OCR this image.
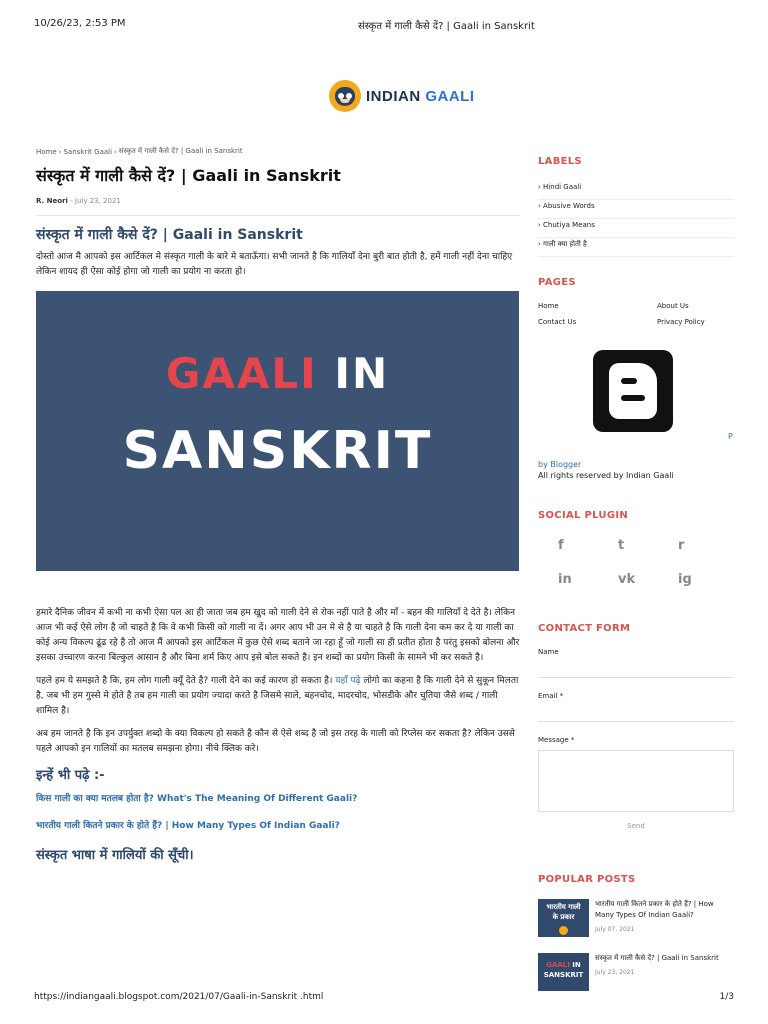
10/26/23, 2:53 PM	संस्कृत में गाली कैसे दें? | Gaali in Sanskrit
INDIAN GAALI
Home › Sanskrit Gaali › संस्कृत में गाली कैसे दें? | Gaali in Sanskrit
संस्कृत में गाली कैसे दें? | Gaali in Sanskrit
R. Neori - July 23, 2021
संस्कृत में गाली कैसे दें? | Gaali in Sanskrit

दोस्तो आज मै आपको इस आर्टिकल मे संस्कृत गाली के बारे मे बताऊँगा। सभी जानते है कि गालियाँ देना बुरी बात होती है, हमें गाली नहीं देना चाहिए लेकिन शायद ही ऐसा कोई होगा जो गाली का प्रयोग ना करता हो।

GAALI IN
SANSKRIT

हमारे दैनिक जीवन में कभी ना कभी ऐसा पल आ ही जाता जब हम खुद को गाली देने से रोक नहीं पाते है और माँ - बहन की गालियाँ दे देते है। लेकिन आज भी कई ऐसे लोग है जो चाहते है कि वे कभी किसी को गाली ना दें। अगर आप भी उन मे से है या चाहते है कि गाली देना कम कर दे या गाली का कोई अन्य विकल्प ढूंढ रहे है तो आज मैं आपको इस आर्टिकल में कुछ ऐसे शब्द बताने जा रहा हूँ जो गाली सा ही प्रतीत होता है परंतु इसको बोलना और इसका उच्चारण करना बिल्कुल आसान है और बिना शर्म किए आप इसे बोल सकते है। इन शब्दों का प्रयोग किसी के सामने भी कर सकते है।

पहले हम ये समझते है कि, हम लोग गाली क्यूँ देते है? गाली देने का कई कारण हो सकता है। यहाँ पढ़े लोगो का कहना है कि गाली देने से सुकून मिलता है, जब भी हम गुस्से मे होते है तब हम गाली का प्रयोग ज्यादा करते है जिसमे साले, बहनचोद, मादरचोद, भोसडीके और चुतिया जैसे शब्द / गाली शामिल है।

अब हम जानते है कि इन उपर्युक्त शब्दो के क्या विकल्प हो सकते है कौन से ऐसे शब्द है जो इस तरह के गाली को रिप्लेस कर सकता है? लेकिन उससे पहले आपको इन गालियों का मतलब समझना होगा। नीचे क्लिक करे।

इन्हें भी पढ़े :-
किस गाली का क्या मतलब होता है? What's The Meaning Of Different Gaali?
भारतीय गाली कितने प्रकार के होते हैं? | How Many Types Of Indian Gaali?
संस्कृत भाषा में गालियों की सूँची।
LABELS
› Hindi Gaali
› Abusive Words
› Chutiya Means
› गाली क्या होती है
PAGES
Home	About Us
Contact Us	Privacy Policy
P
by Blogger
All rights reserved by Indian Gaali
SOCIAL PLUGIN
f	t	r
in	vk	ig
CONTACT FORM
Name
Email *
Message *
Send
POPULAR POSTS
भारतीय गाली
के प्रकार
भारतीय गाली कितने प्रकार के होते हैं? | How Many Types Of Indian Gaali?
July 07, 2021
GAALI IN
SANSKRIT
संस्कृत में गाली कैसे दें? | Gaali in Sanskrit
July 23, 2021
https://indiangaali.blogspot.com/2021/07/Gaali-in-Sanskrit .html	1/3
